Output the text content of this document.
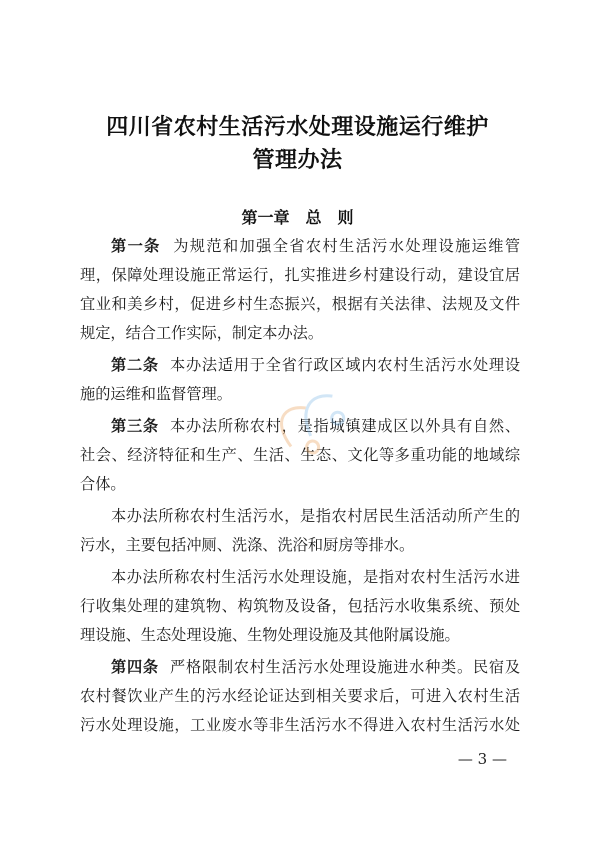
四川省农村生活污水处理设施运行维护
管理办法
第一章　总　则
第一条 为规范和加强全省农村生活污水处理设施运维管
理，保障处理设施正常运行，扎实推进乡村建设行动，建设宜居
宜业和美乡村，促进乡村生态振兴，根据有关法律、法规及文件
规定，结合工作实际，制定本办法。
第二条 本办法适用于全省行政区域内农村生活污水处理设
施的运维和监督管理。
第三条 本办法所称农村，是指城镇建成区以外具有自然、
社会、经济特征和生产、生活、生态、文化等多重功能的地域综
合体。
本办法所称农村生活污水，是指农村居民生活活动所产生的
污水，主要包括冲厕、洗涤、洗浴和厨房等排水。
本办法所称农村生活污水处理设施，是指对农村生活污水进
行收集处理的建筑物、构筑物及设备，包括污水收集系统、预处
理设施、生态处理设施、生物处理设施及其他附属设施。
第四条 严格限制农村生活污水处理设施进水种类。民宿及
农村餐饮业产生的污水经论证达到相关要求后，可进入农村生活
污水处理设施，工业废水等非生活污水不得进入农村生活污水处
— 3 —
